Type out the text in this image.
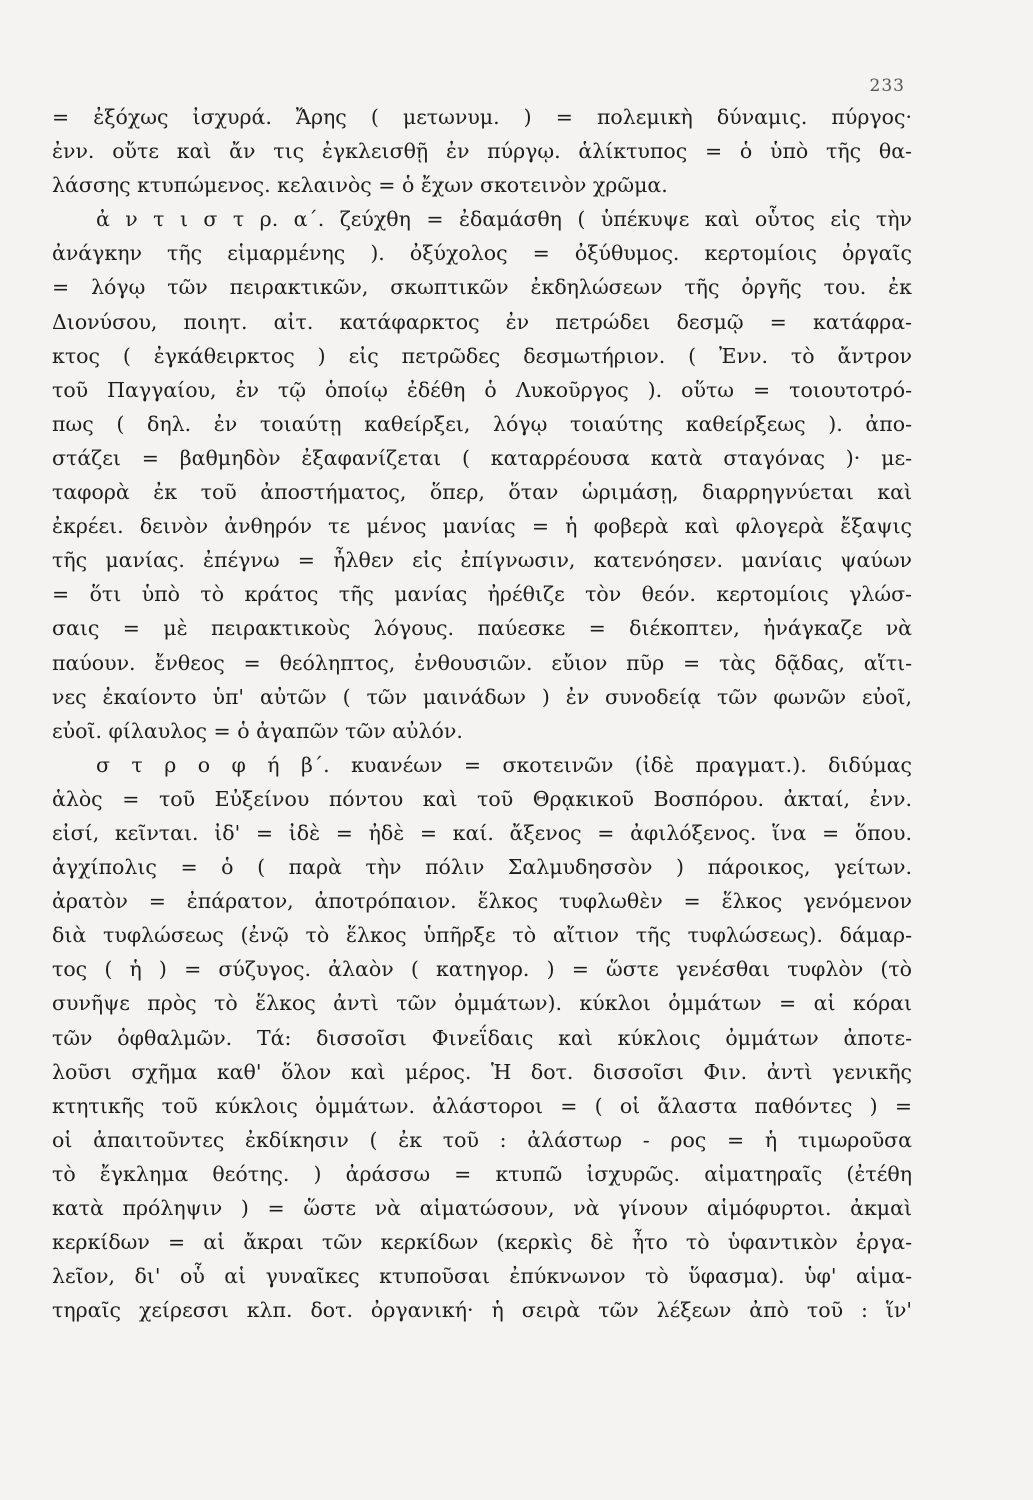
233
= ἐξόχως ἰσχυρά. Ἄρης ( μετωνυμ. ) = πολεμικὴ δύναμις. πύργος·
ἐνν. οὔτε καὶ ἄν τις ἐγκλεισθῇ ἐν πύργῳ. ἁλίκτυπος = ὁ ὑπὸ τῆς θα-
λάσσης κτυπώμενος. κελαινὸς = ὁ ἔχων σκοτεινὸν χρῶμα.
ἀ ν τ ι σ τ ρ. α΄. ζεύχθη = ἐδαμάσθη ( ὑπέκυψε καὶ οὗτος εἰς τὴν
ἀνάγκην τῆς εἱμαρμένης ). ὀξύχολος = ὀξύθυμος. κερτομίοις ὀργαῖς
= λόγῳ τῶν πειρακτικῶν, σκωπτικῶν ἐκδηλώσεων τῆς ὀργῆς του. ἐκ
Διονύσου, ποιητ. αἰτ. κατάφαρκτος ἐν πετρώδει δεσμῷ = κατάφρα-
κτος ( ἐγκάθειρκτος ) εἰς πετρῶδες δεσμωτήριον. ( Ἐνν. τὸ ἄντρον
τοῦ Παγγαίου, ἐν τῷ ὁποίῳ ἐδέθη ὁ Λυκοῦργος ). οὕτω = τοιουτοτρό-
πως ( δηλ. ἐν τοιαύτῃ καθείρξει, λόγῳ τοιαύτης καθείρξεως ). ἀπο-
στάζει = βαθμηδὸν ἐξαφανίζεται ( καταρρέουσα κατὰ σταγόνας )· με-
ταφορὰ ἐκ τοῦ ἀποστήματος, ὅπερ, ὅταν ὡριμάσῃ, διαρρηγνύεται καὶ
ἐκρέει. δεινὸν ἀνθηρόν τε μένος μανίας = ἡ φοβερὰ καὶ φλογερὰ ἔξαψις
τῆς μανίας. ἐπέγνω = ἦλθεν εἰς ἐπίγνωσιν, κατενόησεν. μανίαις ψαύων
= ὅτι ὑπὸ τὸ κράτος τῆς μανίας ἠρέθιζε τὸν θεόν. κερτομίοις γλώσ-
σαις = μὲ πειρακτικοὺς λόγους. παύεσκε = διέκοπτεν, ἠνάγκαζε νὰ
παύουν. ἔνθεος = θεόληπτος, ἐνθουσιῶν. εὔιον πῦρ = τὰς δᾷδας, αἵτι-
νες ἐκαίοντο ὑπ' αὐτῶν ( τῶν μαινάδων ) ἐν συνοδείᾳ τῶν φωνῶν εὐοῖ,
εὐοῖ. φίλαυλος = ὁ ἀγαπῶν τῶν αὐλόν.
σ τ ρ ο φ ή β΄. κυανέων = σκοτεινῶν (ἰδὲ πραγματ.). διδύμας
ἁλὸς = τοῦ Εὐξείνου πόντου καὶ τοῦ Θρᾳκικοῦ Βοσπόρου. ἀκταί, ἐνν.
εἰσί, κεῖνται. ἰδ' = ἰδὲ = ἠδὲ = καί. ἄξενος = ἀφιλόξενος. ἵνα = ὅπου.
ἀγχίπολις = ὁ ( παρὰ τὴν πόλιν Σαλμυδησσὸν ) πάροικος, γείτων.
ἀρατὸν = ἐπάρατον, ἀποτρόπαιον. ἕλκος τυφλωθὲν = ἕλκος γενόμενον
διὰ τυφλώσεως (ἐνῷ τὸ ἕλκος ὑπῆρξε τὸ αἴτιον τῆς τυφλώσεως). δάμαρ-
τος ( ἡ ) = σύζυγος. ἀλαὸν ( κατηγορ. ) = ὥστε γενέσθαι τυφλὸν (τὸ
συνῆψε πρὸς τὸ ἕλκος ἀντὶ τῶν ὀμμάτων). κύκλοι ὀμμάτων = αἱ κόραι
τῶν ὀφθαλμῶν. Τά: δισσοῖσι Φινεΐδαις καὶ κύκλοις ὀμμάτων ἀποτε-
λοῦσι σχῆμα καθ' ὅλον καὶ μέρος. Ἡ δοτ. δισσοῖσι Φιν. ἀντὶ γενικῆς
κτητικῆς τοῦ κύκλοις ὀμμάτων. ἀλάστοροι = ( οἱ ἄλαστα παθόντες ) =
οἱ ἀπαιτοῦντες ἐκδίκησιν ( ἐκ τοῦ : ἀλάστωρ - ρος = ἡ τιμωροῦσα
τὸ ἔγκλημα θεότης. ) ἀράσσω = κτυπῶ ἰσχυρῶς. αἱματηραῖς (ἐτέθη
κατὰ πρόληψιν ) = ὥστε νὰ αἱματώσουν, νὰ γίνουν αἱμόφυρτοι. ἀκμαὶ
κερκίδων = αἱ ἄκραι τῶν κερκίδων (κερκὶς δὲ ἦτο τὸ ὑφαντικὸν ἐργα-
λεῖον, δι' οὗ αἱ γυναῖκες κτυποῦσαι ἐπύκνωνον τὸ ὕφασμα). ὑφ' αἱμα-
τηραῖς χείρεσσι κλπ. δοτ. ὀργανική· ἡ σειρὰ τῶν λέξεων ἀπὸ τοῦ : ἵν'
